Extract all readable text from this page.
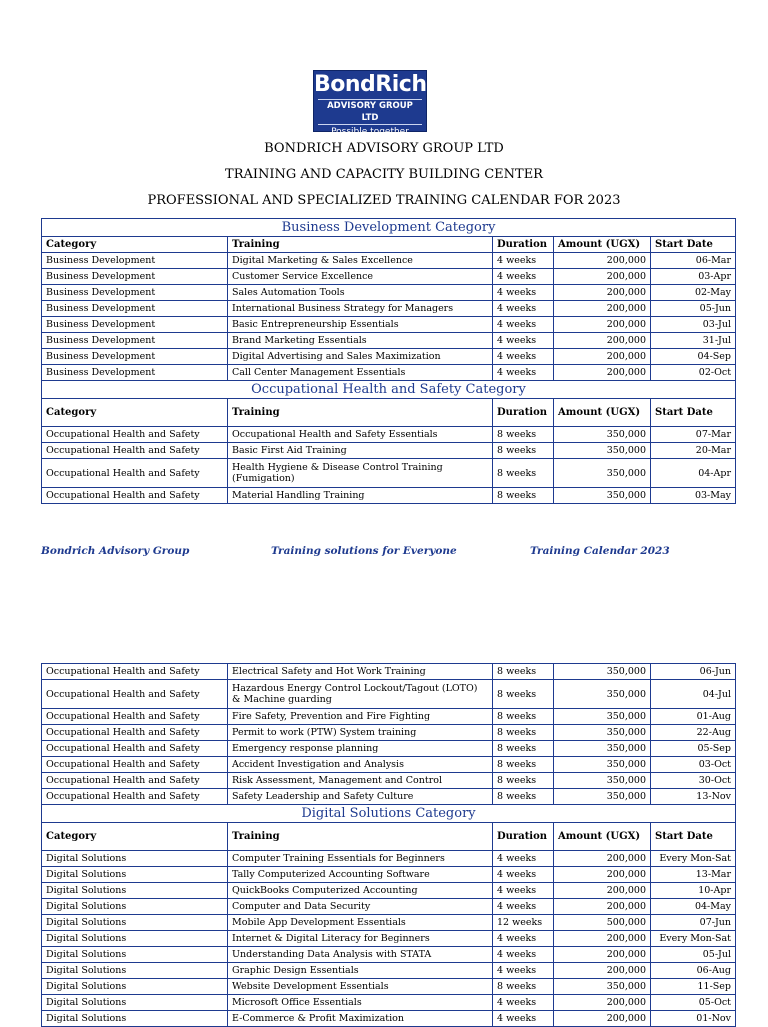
BondRich
ADVISORY GROUP LTD
Possible together
BONDRICH ADVISORY GROUP LTD
TRAINING AND CAPACITY BUILDING CENTER
PROFESSIONAL AND SPECIALIZED TRAINING CALENDAR FOR 2023
Business Development Category				
Category	Training	Duration	Amount (UGX)	Start Date
Business Development	Digital Marketing & Sales Excellence	4 weeks	200,000	06-Mar
Business Development	Customer Service Excellence	4 weeks	200,000	03-Apr
Business Development	Sales Automation Tools	4 weeks	200,000	02-May
Business Development	International Business Strategy for Managers	4 weeks	200,000	05-Jun
Business Development	Basic Entrepreneurship Essentials	4 weeks	200,000	03-Jul
Business Development	Brand Marketing Essentials	4 weeks	200,000	31-Jul
Business Development	Digital Advertising and Sales Maximization	4 weeks	200,000	04-Sep
Business Development	Call Center Management Essentials	4 weeks	200,000	02-Oct
Occupational Health and Safety Category				
Category	Training	Duration	Amount (UGX)	Start Date
Occupational Health and Safety	Occupational Health and Safety Essentials	8 weeks	350,000	07-Mar
Occupational Health and Safety	Basic First Aid Training	8 weeks	350,000	20-Mar
Occupational Health and Safety	Health Hygiene & Disease Control Training (Fumigation)	8 weeks	350,000	04-Apr
Occupational Health and Safety	Material Handling Training	8 weeks	350,000	03-May
Bondrich Advisory Group	Training solutions for Everyone	Training Calendar 2023
Occupational Health and Safety	Electrical Safety and Hot Work Training	8 weeks	350,000	06-Jun
Occupational Health and Safety	Hazardous Energy Control Lockout/Tagout (LOTO) & Machine guarding	8 weeks	350,000	04-Jul
Occupational Health and Safety	Fire Safety, Prevention and Fire Fighting	8 weeks	350,000	01-Aug
Occupational Health and Safety	Permit to work (PTW) System training	8 weeks	350,000	22-Aug
Occupational Health and Safety	Emergency response planning	8 weeks	350,000	05-Sep
Occupational Health and Safety	Accident Investigation and Analysis	8 weeks	350,000	03-Oct
Occupational Health and Safety	Risk Assessment, Management and Control	8 weeks	350,000	30-Oct
Occupational Health and Safety	Safety Leadership and Safety Culture	8 weeks	350,000	13-Nov
Digital Solutions Category				
Category	Training	Duration	Amount (UGX)	Start Date
Digital Solutions	Computer Training Essentials for Beginners	4 weeks	200,000	Every Mon-Sat
Digital Solutions	Tally Computerized Accounting Software	4 weeks	200,000	13-Mar
Digital Solutions	QuickBooks Computerized Accounting	4 weeks	200,000	10-Apr
Digital Solutions	Computer and Data Security	4 weeks	200,000	04-May
Digital Solutions	Mobile App Development Essentials	12 weeks	500,000	07-Jun
Digital Solutions	Internet & Digital Literacy for Beginners	4 weeks	200,000	Every Mon-Sat
Digital Solutions	Understanding Data Analysis with STATA	4 weeks	200,000	05-Jul
Digital Solutions	Graphic Design Essentials	4 weeks	200,000	06-Aug
Digital Solutions	Website Development Essentials	8 weeks	350,000	11-Sep
Digital Solutions	Microsoft Office Essentials	4 weeks	200,000	05-Oct
Digital Solutions	E-Commerce & Profit Maximization	4 weeks	200,000	01-Nov
